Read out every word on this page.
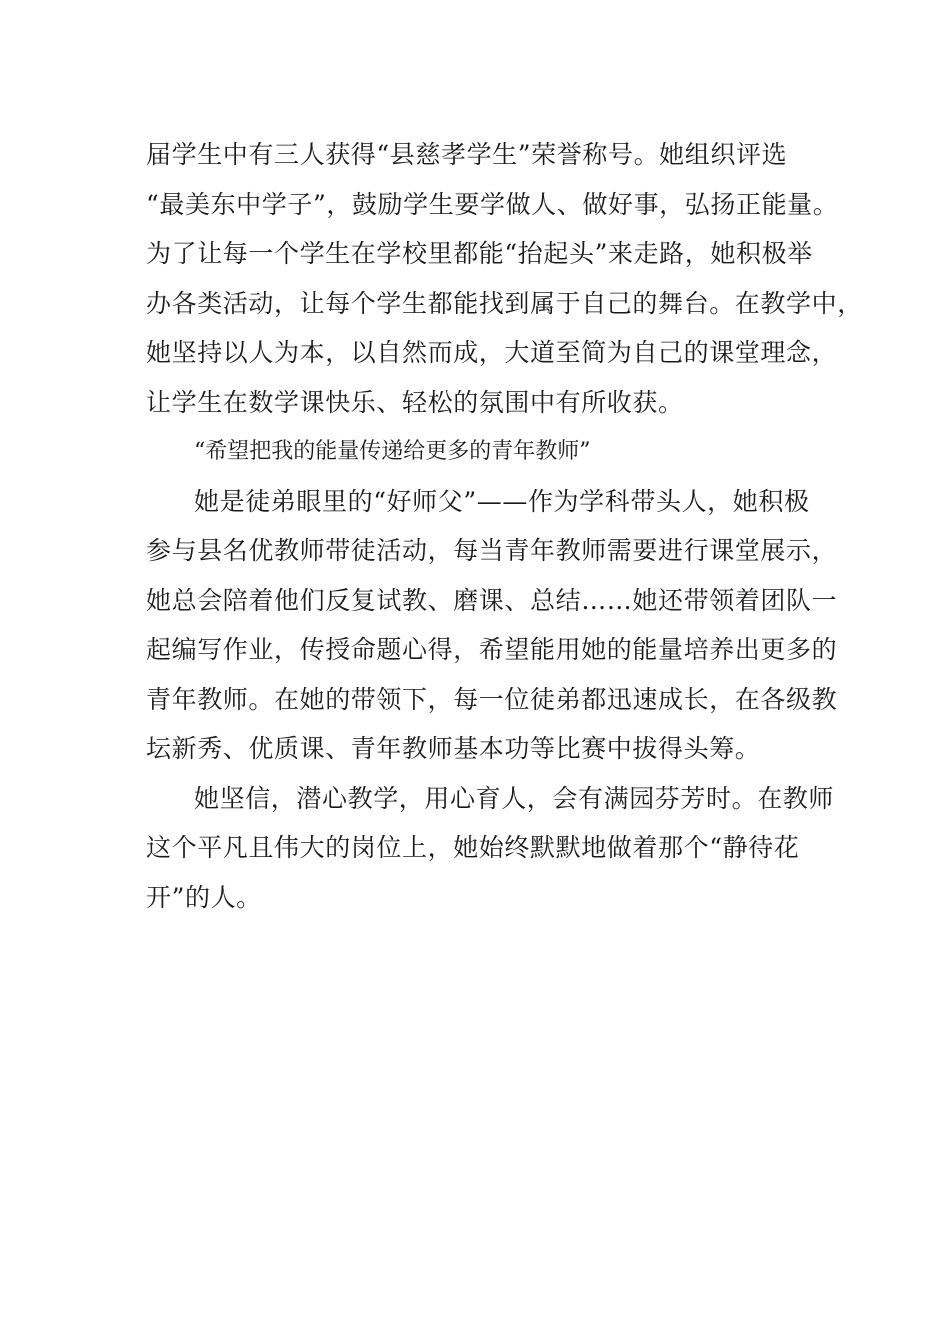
届学生中有三人获得“县慈孝学生”荣誉称号。她组织评选
“最美东中学子”，鼓励学生要学做人、做好事，弘扬正能量。
为了让每一个学生在学校里都能“抬起头”来走路，她积极举
办各类活动，让每个学生都能找到属于自己的舞台。在教学中，
她坚持以人为本，以自然而成，大道至简为自己的课堂理念，
让学生在数学课快乐、轻松的氛围中有所收获。
“希望把我的能量传递给更多的青年教师”
她是徒弟眼里的“好师父”——作为学科带头人，她积极
参与县名优教师带徒活动，每当青年教师需要进行课堂展示，
她总会陪着他们反复试教、磨课、总结……她还带领着团队一
起编写作业，传授命题心得，希望能用她的能量培养出更多的
青年教师。在她的带领下，每一位徒弟都迅速成长，在各级教
坛新秀、优质课、青年教师基本功等比赛中拔得头筹。
她坚信，潜心教学，用心育人，会有满园芬芳时。在教师
这个平凡且伟大的岗位上，她始终默默地做着那个“静待花
开”的人。
